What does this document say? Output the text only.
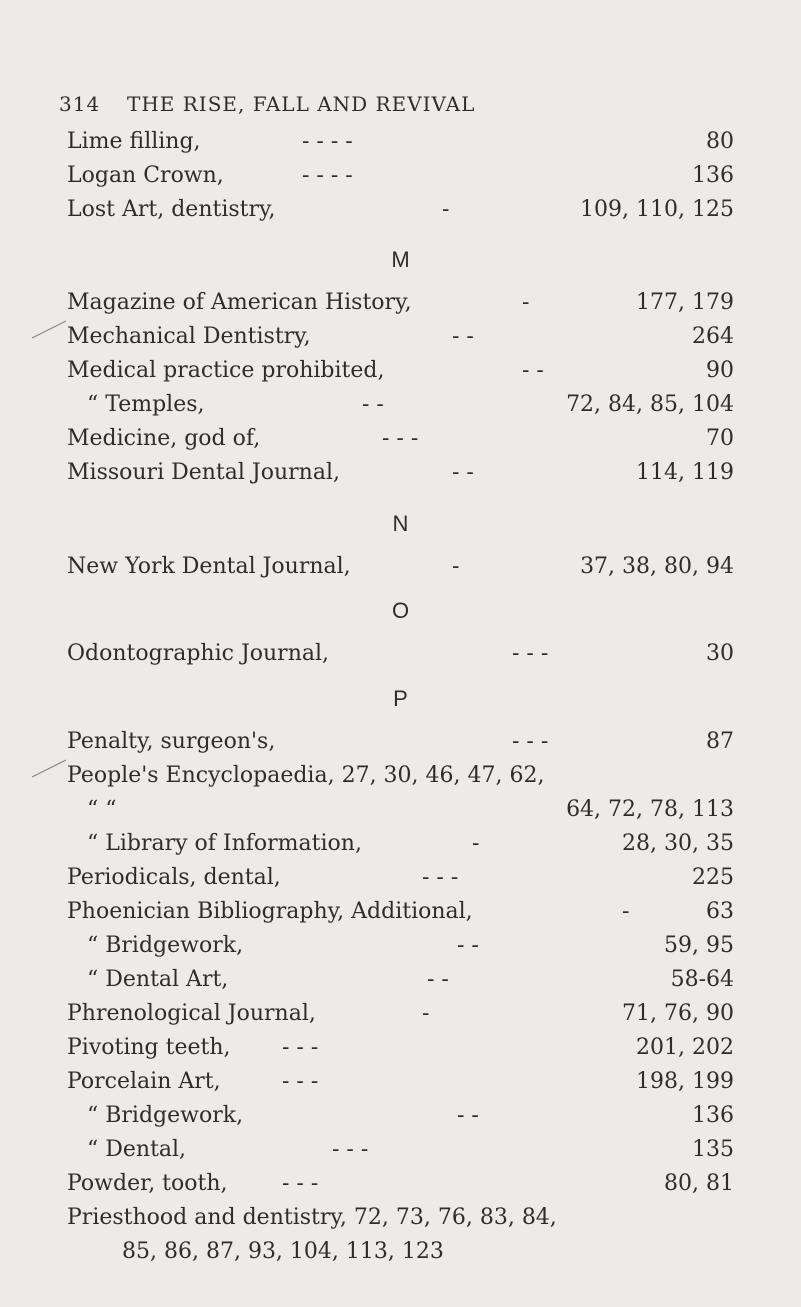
314 THE RISE, FALL AND REVIVAL
Lime filling,	- - - -	80
Logan Crown,	- - - -	136
Lost Art, dentistry,	-	109, 110, 125
M
Magazine of American History,	-	177, 179
Mechanical Dentistry,	- -	264
Medical practice prohibited,	- -	90
“ Temples,	- -	72, 84, 85, 104
Medicine, god of,	- - -	70
Missouri Dental Journal,	- -	114, 119
N
New York Dental Journal,	-	37, 38, 80, 94
O
Odontographic Journal,	- - -	30
P
Penalty, surgeon's,	- - -	87
People's Encyclopaedia, 27, 30, 46, 47, 62,
“ “	64, 72, 78, 113
“ Library of Information,	-	28, 30, 35
Periodicals, dental,	- - -	225
Phoenician Bibliography, Additional,	-	63
“ Bridgework,	- -	59, 95
“ Dental Art,	- -	58-64
Phrenological Journal,	-	71, 76, 90
Pivoting teeth, - - -	201, 202
Porcelain Art,	- - -	198, 199
“ Bridgework,	- -	136
“ Dental,	- - -	135
Powder, tooth, - - -	80, 81
Priesthood and dentistry, 72, 73, 76, 83, 84,
85, 86, 87, 93, 104, 113, 123
